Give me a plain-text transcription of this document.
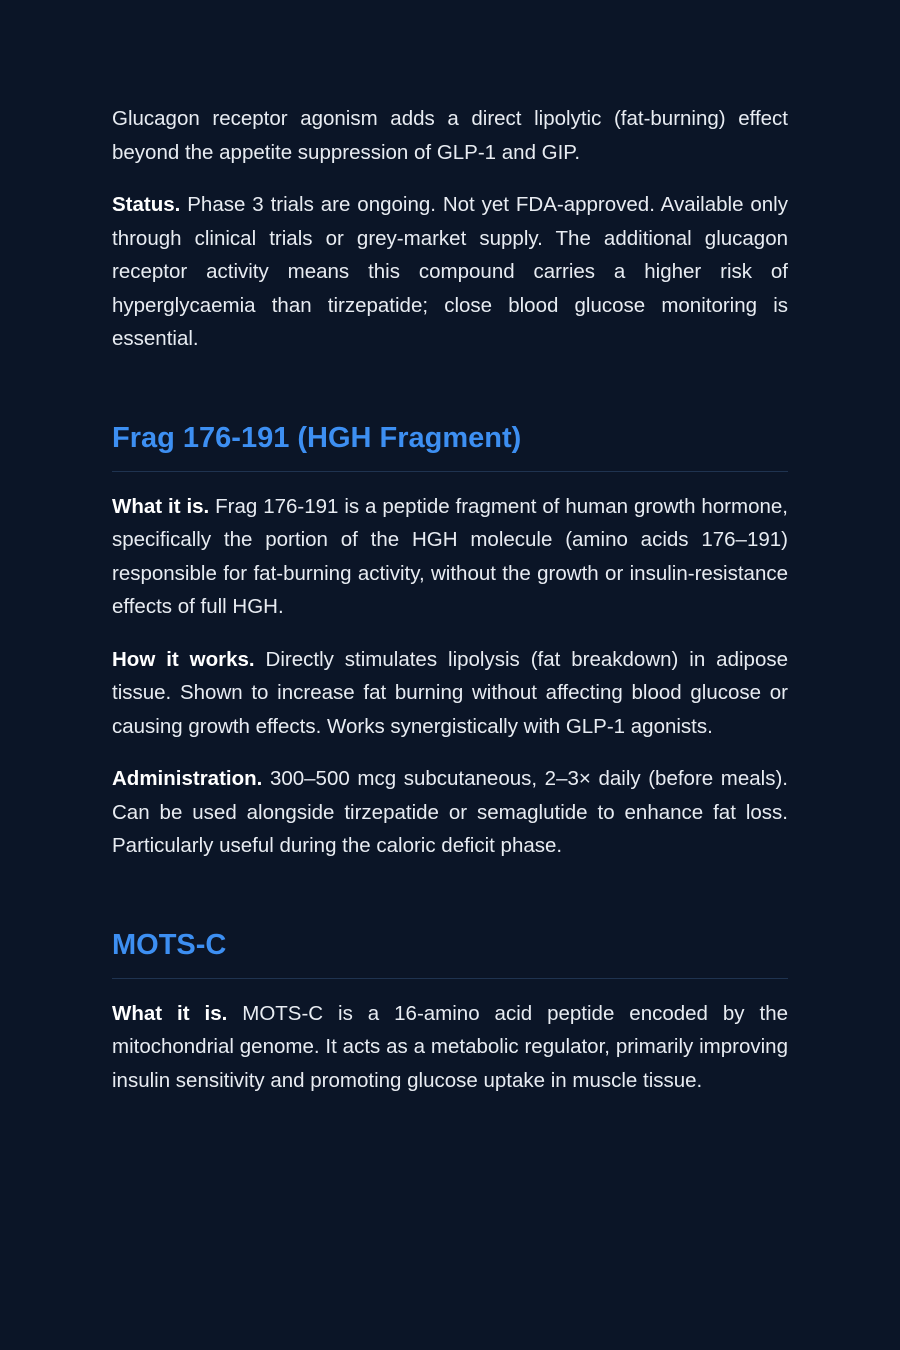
Glucagon receptor agonism adds a direct lipolytic (fat-burning) effect beyond the appetite suppression of GLP-1 and GIP.

Status. Phase 3 trials are ongoing. Not yet FDA-approved. Available only through clinical trials or grey-market supply. The additional glucagon receptor activity means this compound carries a higher risk of hyperglycaemia than tirzepatide; close blood glucose monitoring is essential.

Frag 176-191 (HGH Fragment)

What it is. Frag 176-191 is a peptide fragment of human growth hormone, specifically the portion of the HGH molecule (amino acids 176–191) responsible for fat-burning activity, without the growth or insulin-resistance effects of full HGH.

How it works. Directly stimulates lipolysis (fat breakdown) in adipose tissue. Shown to increase fat burning without affecting blood glucose or causing growth effects. Works synergistically with GLP-1 agonists.

Administration. 300–500 mcg subcutaneous, 2–3× daily (before meals). Can be used alongside tirzepatide or semaglutide to enhance fat loss. Particularly useful during the caloric deficit phase.

MOTS-C

What it is. MOTS-C is a 16-amino acid peptide encoded by the mitochondrial genome. It acts as a metabolic regulator, primarily improving insulin sensitivity and promoting glucose uptake in muscle tissue.
